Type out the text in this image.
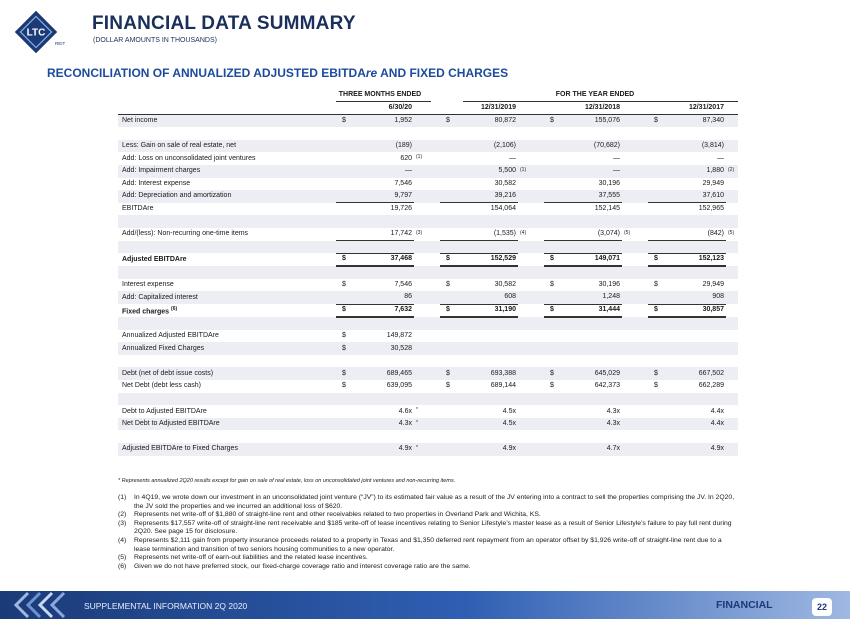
LTC
REIT
FINANCIAL DATA SUMMARY
(DOLLAR AMOUNTS IN THOUSANDS)
RECONCILIATION OF ANNUALIZED ADJUSTED EBITDAre AND FIXED CHARGES
THREE MONTHS ENDED	FOR THE YEAR ENDED
		6/30/20			12/31/2019			12/31/2018			12/31/2017	
Net income	$	1,952		$	80,872		$	155,076		$	87,340	

Less: Gain on sale of real estate, net		(189)			(2,106)			(70,682)			(3,814)	
Add: Loss on unconsolidated joint ventures		620	(1)		—			—			—	
Add: Impairment charges		—			5,500	(1)		—			1,880	(2)
Add: Interest expense		7,546			30,582			30,196			29,949	
Add: Depreciation and amortization		9,797			39,216			37,555			37,610	
EBITDAre		19,726			154,064			152,145			152,965	

Add/(less): Non-recurring one-time items		17,742	(3)		(1,535)	(4)		(3,074)	(5)		(842)	(5)

Adjusted EBITDAre	$	37,468		$	152,529		$	149,071		$	152,123	

Interest expense	$	7,546		$	30,582		$	30,196		$	29,949	
Add: Capitalized interest		86			608			1,248			908	
Fixed charges $^{(6)}$	$	7,632		$	31,190		$	31,444		$	30,857	

Annualized Adjusted EBITDAre	$	149,872										
Annualized Fixed Charges	$	30,528										

Debt (net of debt issue costs)	$	689,465		$	693,388		$	645,029		$	667,502	
Net Debt (debt less cash)	$	639,095		$	689,144		$	642,373		$	662,289	

Debt to Adjusted EBITDAre		4.6x	*		4.5x			4.3x			4.4x	
Net Debt to Adjusted EBITDAre		4.3x	*		4.5x			4.3x			4.4x	

Adjusted EBITDAre to Fixed Charges		4.9x	*		4.9x			4.7x			4.9x	
* Represents annualized 2Q20 results except for gain on sale of real estate, loss on unconsolidated joint ventures and non-recurring items.
(1) In 4Q19, we wrote down our investment in an unconsolidated joint venture (“JV”) to its estimated fair value as a result of the JV entering into a contract to sell the properties comprising the JV. In 2Q20, the JV sold the properties and we incurred an additional loss of $620.
(2) Represents net write-off of $1,880 of straight-line rent and other receivables related to two properties in Overland Park and Wichita, KS.
(3) Represents $17,557 write-off of straight-line rent receivable and $185 write-off of lease incentives relating to Senior Lifestyle’s master lease as a result of Senior Lifestyle’s failure to pay full rent during 2Q20. See page 15 for disclosure.
(4) Represents $2,111 gain from property insurance proceeds related to a property in Texas and $1,350 deferred rent repayment from an operator offset by $1,926 write-off of straight-line rent due to a lease termination and transition of two seniors housing communities to a new operator.
(5) Represents net write-off of earn-out liabilities and the related lease incentives.
(6) Given we do not have preferred stock, our fixed-charge coverage ratio and interest coverage ratio are the same.
SUPPLEMENTAL INFORMATION 2Q 2020	FINANCIAL	22
